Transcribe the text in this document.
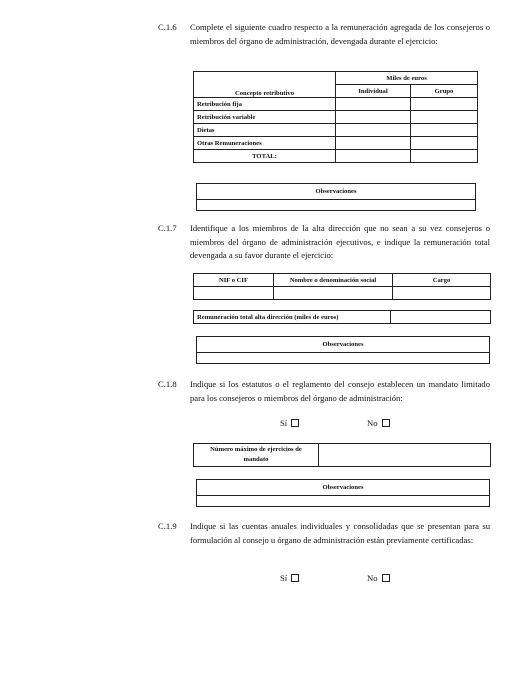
C.1.6 Complete el siguiente cuadro respecto a la remuneración agregada de los consejeros o miembros del órgano de administración, devengada durante el ejercicio:
Concepto retributivo	Miles de euros	
	Individual	Grupo
Retribución fija		
Retribución variable		
Dietas		
Otras Remuneraciones		
TOTAL:		
Observaciones
C.1.7 Identifique a los miembros de la alta dirección que no sean a su vez consejeros o miembros del órgano de administración ejecutivos, e indique la remuneración total devengada a su favor durante el ejercicio:
NIF o CIF	Nombre o denominación social	Cargo

Remuneración total alta dirección (miles de euros)	
Observaciones
C.1.8 Indique si los estatutos o el reglamento del consejo establecen un mandato limitado para los consejeros o miembros del órgano de administración:
Sí	No
Número máximo de ejercicios de mandato	
Observaciones
C.1.9 Indique si las cuentas anuales individuales y consolidadas que se presentan para su formulación al consejo u órgano de administración están previamente certificadas:
Sí	No
